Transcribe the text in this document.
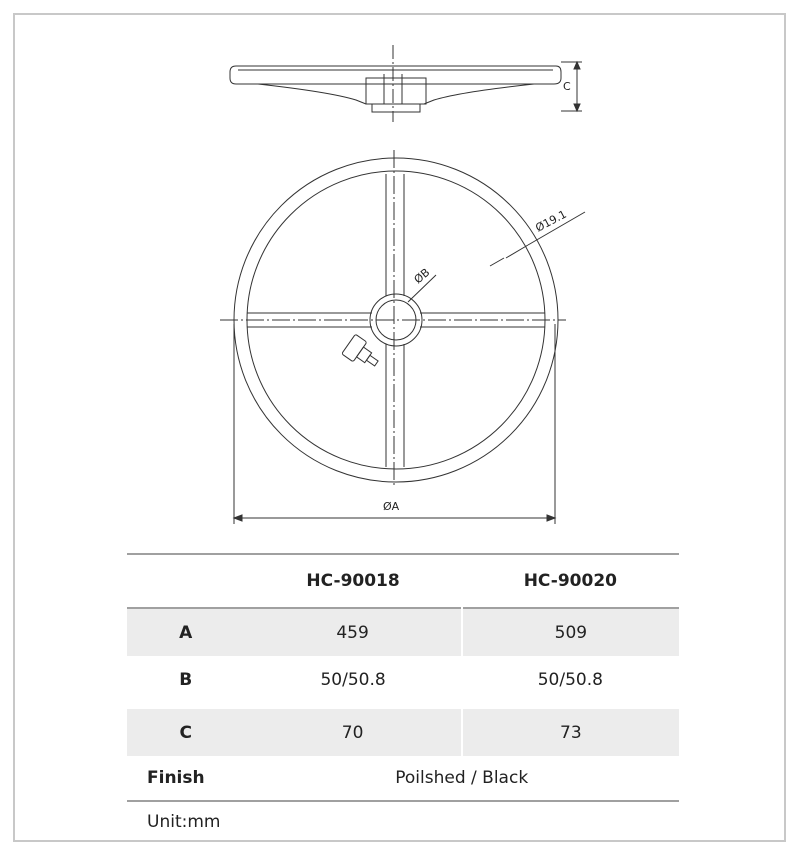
C
ØB
Ø19.1
ØA
	HC-90018	HC-90020
A	459	509
B	50/50.8	50/50.8

C	70	73
Finish	Poilshed / Black	
Unit:mm		
